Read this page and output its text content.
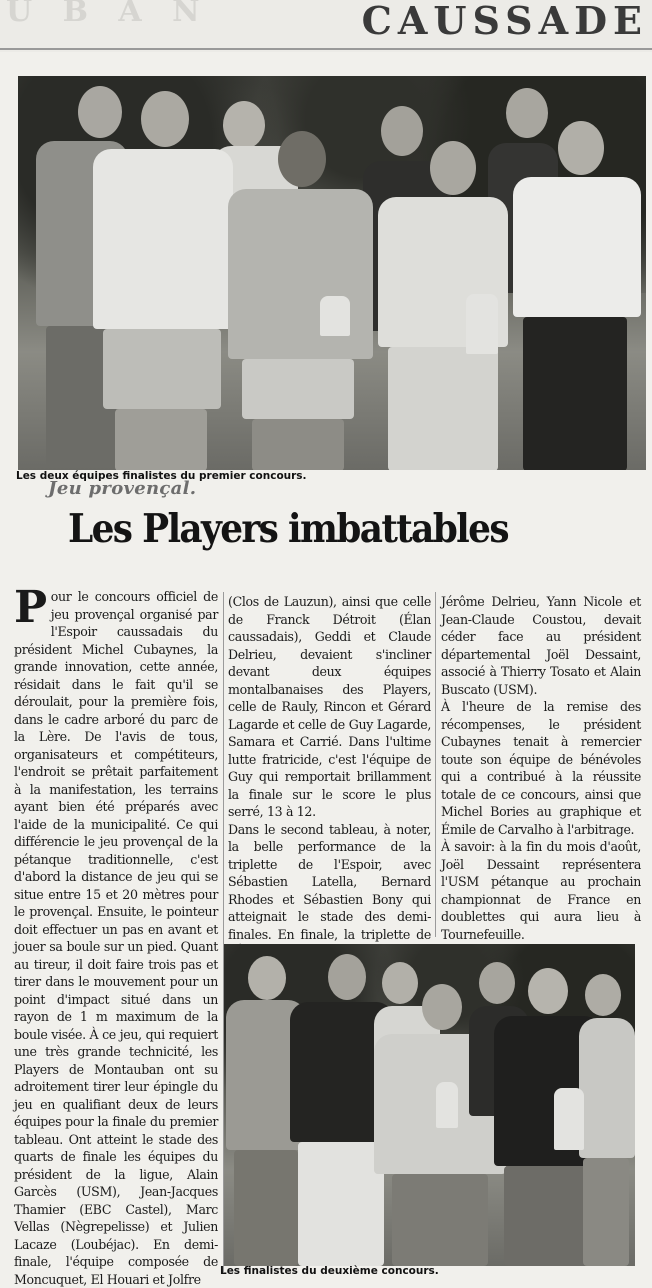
U B A N	CAUSSADE
Les deux équipes finalistes du premier concours.
Jeu provençal.
Les Players imbattables

Pour le concours officiel de jeu provençal organisé par l'Espoir caussadais du président Michel Cubaynes, la grande innovation, cette année, résidait dans le fait qu'il se déroulait, pour la première fois, dans le cadre arboré du parc de la Lère. De l'avis de tous, organisateurs et compétiteurs, l'endroit se prêtait parfaitement à la manifestation, les terrains ayant bien été préparés avec l'aide de la municipalité. Ce qui différencie le jeu provençal de la pétanque traditionnelle, c'est d'abord la distance de jeu qui se situe entre 15 et 20 mètres pour le provençal. Ensuite, le pointeur doit effectuer un pas en avant et jouer sa boule sur un pied. Quant au tireur, il doit faire trois pas et tirer dans le mouvement pour un point d'impact situé dans un rayon de 1 m maximum de la boule visée. À ce jeu, qui requiert une très grande technicité, les Players de Montauban ont su adroitement tirer leur épingle du jeu en qualifiant deux de leurs équipes pour la finale du premier tableau. Ont atteint le stade des quarts de finale les équipes du président de la ligue, Alain Garcès (USM), Jean-Jacques Thamier (EBC Castel), Marc Vellas (Nègrepelisse) et Julien Lacaze (Loubéjac). En demi-finale, l'équipe composée de Moncuquet, El Houari et Jolfre

(Clos de Lauzun), ainsi que celle de Franck Détroit (Élan caussadais), Geddi et Claude Delrieu, devaient s'incliner devant deux équipes montalbanaises des Players, celle de Rauly, Rincon et Gérard Lagarde et celle de Guy Lagarde, Samara et Carrié. Dans l'ultime lutte fratricide, c'est l'équipe de Guy qui remportait brillamment la finale sur le score le plus serré, 13 à 12.

Dans le second tableau, à noter, la belle performance de la triplette de l'Espoir, avec Sébastien Latella, Bernard Rhodes et Sébastien Bony qui atteignait le stade des demi-finales. En finale, la triplette de

Jérôme Delrieu, Yann Nicole et Jean-Claude Coustou, devait céder face au président départemental Joël Dessaint, associé à Thierry Tosato et Alain Buscato (USM).

À l'heure de la remise des récompenses, le président Cubaynes tenait à remercier toute son équipe de bénévoles qui a contribué à la réussite totale de ce concours, ainsi que Michel Bories au graphique et Émile de Carvalho à l'arbitrage.

À savoir: à la fin du mois d'août, Joël Dessaint représentera l'USM pétanque au prochain championnat de France en doublettes qui aura lieu à Tournefeuille.

Les finalistes du deuxième concours.
